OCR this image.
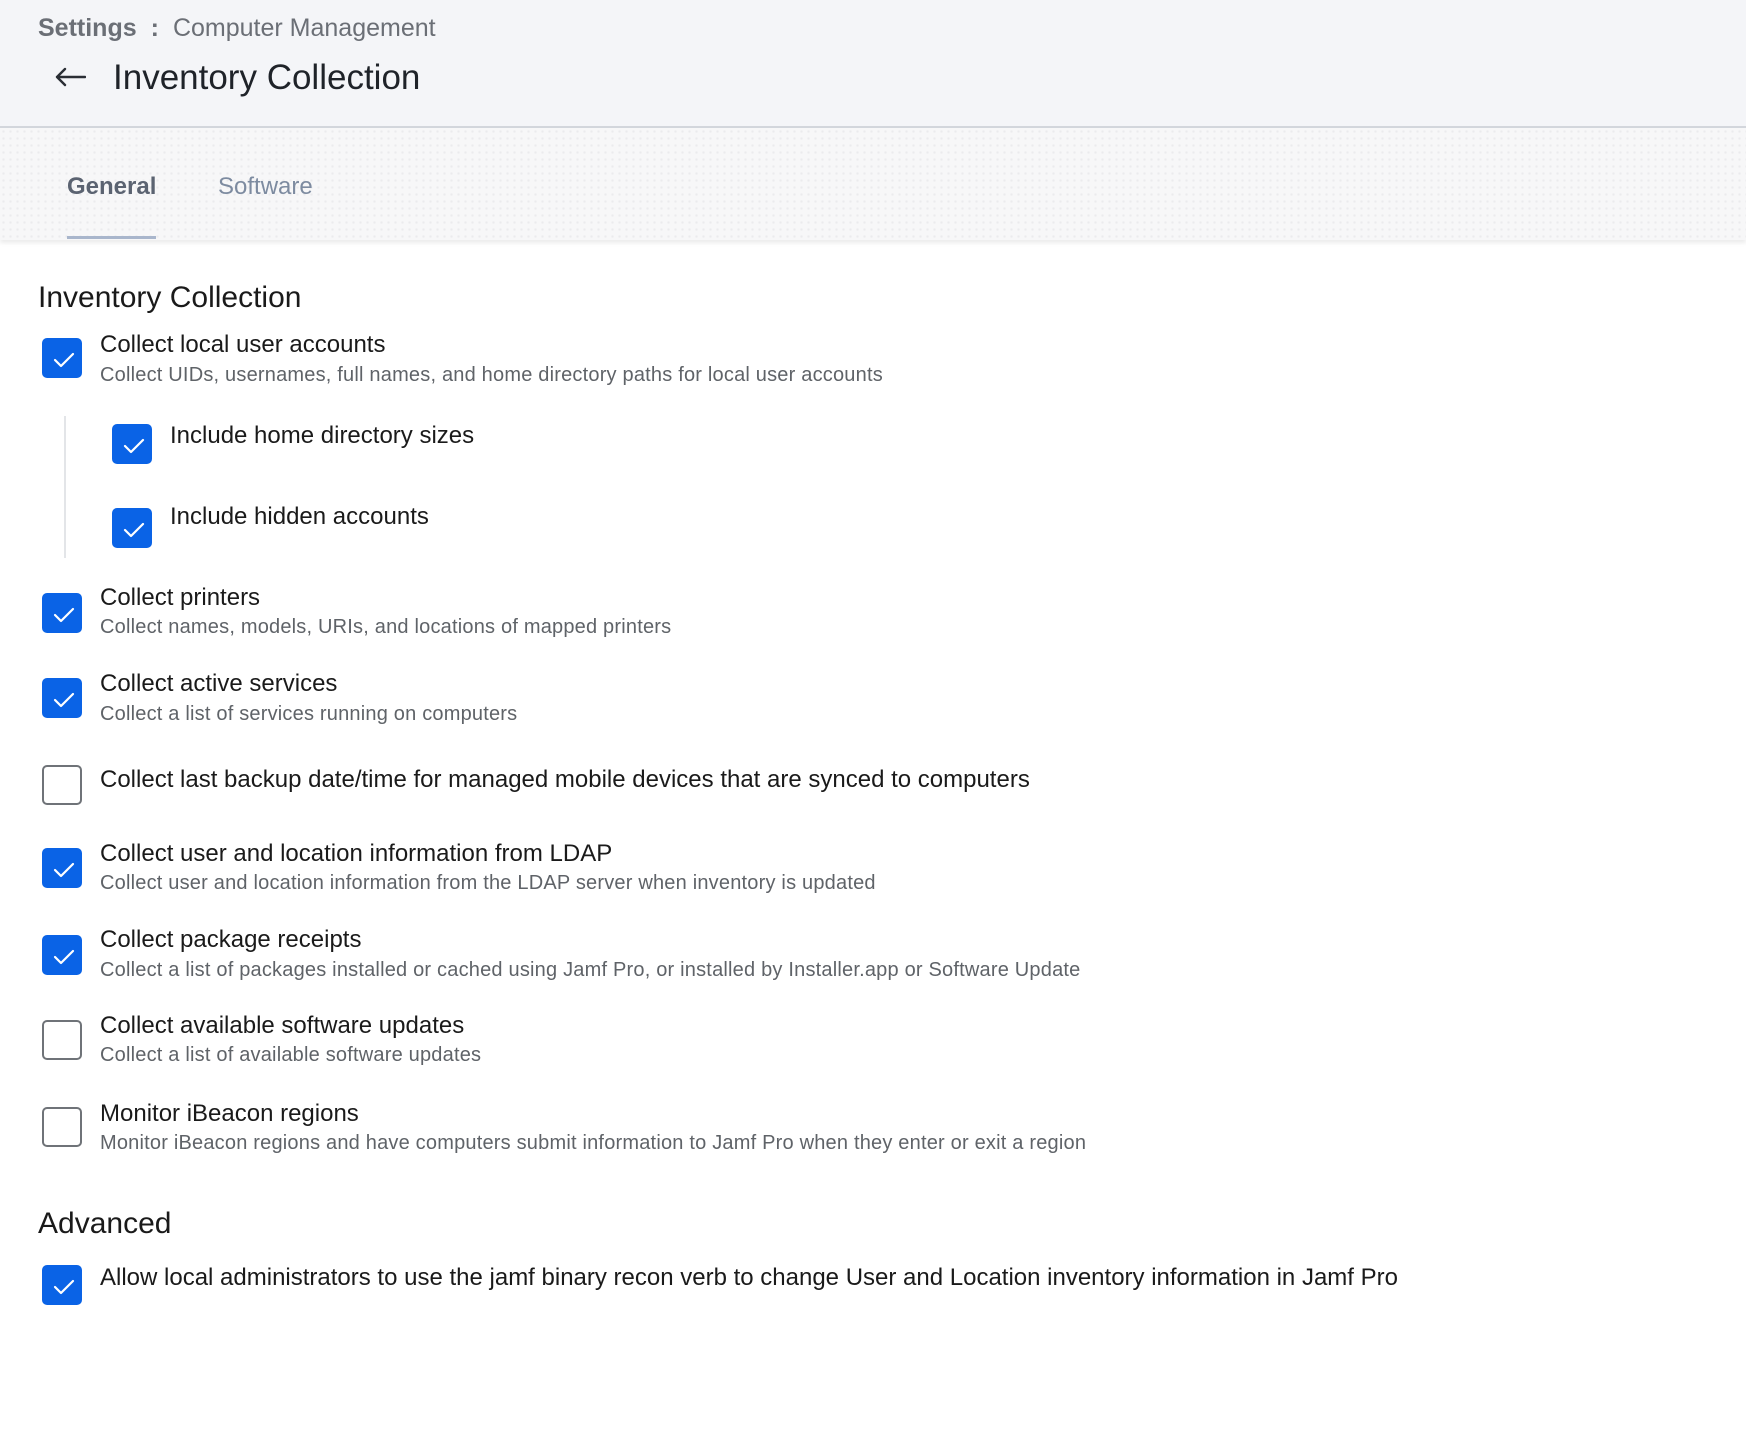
Settings : Computer Management
Inventory Collection
General	Software
Inventory Collection
Collect local user accounts
Collect UIDs, usernames, full names, and home directory paths for local user accounts
Include home directory sizes
Include hidden accounts
Collect printers
Collect names, models, URIs, and locations of mapped printers
Collect active services
Collect a list of services running on computers
Collect last backup date/time for managed mobile devices that are synced to computers
Collect user and location information from LDAP
Collect user and location information from the LDAP server when inventory is updated
Collect package receipts
Collect a list of packages installed or cached using Jamf Pro, or installed by Installer.app or Software Update
Collect available software updates
Collect a list of available software updates
Monitor iBeacon regions
Monitor iBeacon regions and have computers submit information to Jamf Pro when they enter or exit a region
Advanced
Allow local administrators to use the jamf binary recon verb to change User and Location inventory information in Jamf Pro
